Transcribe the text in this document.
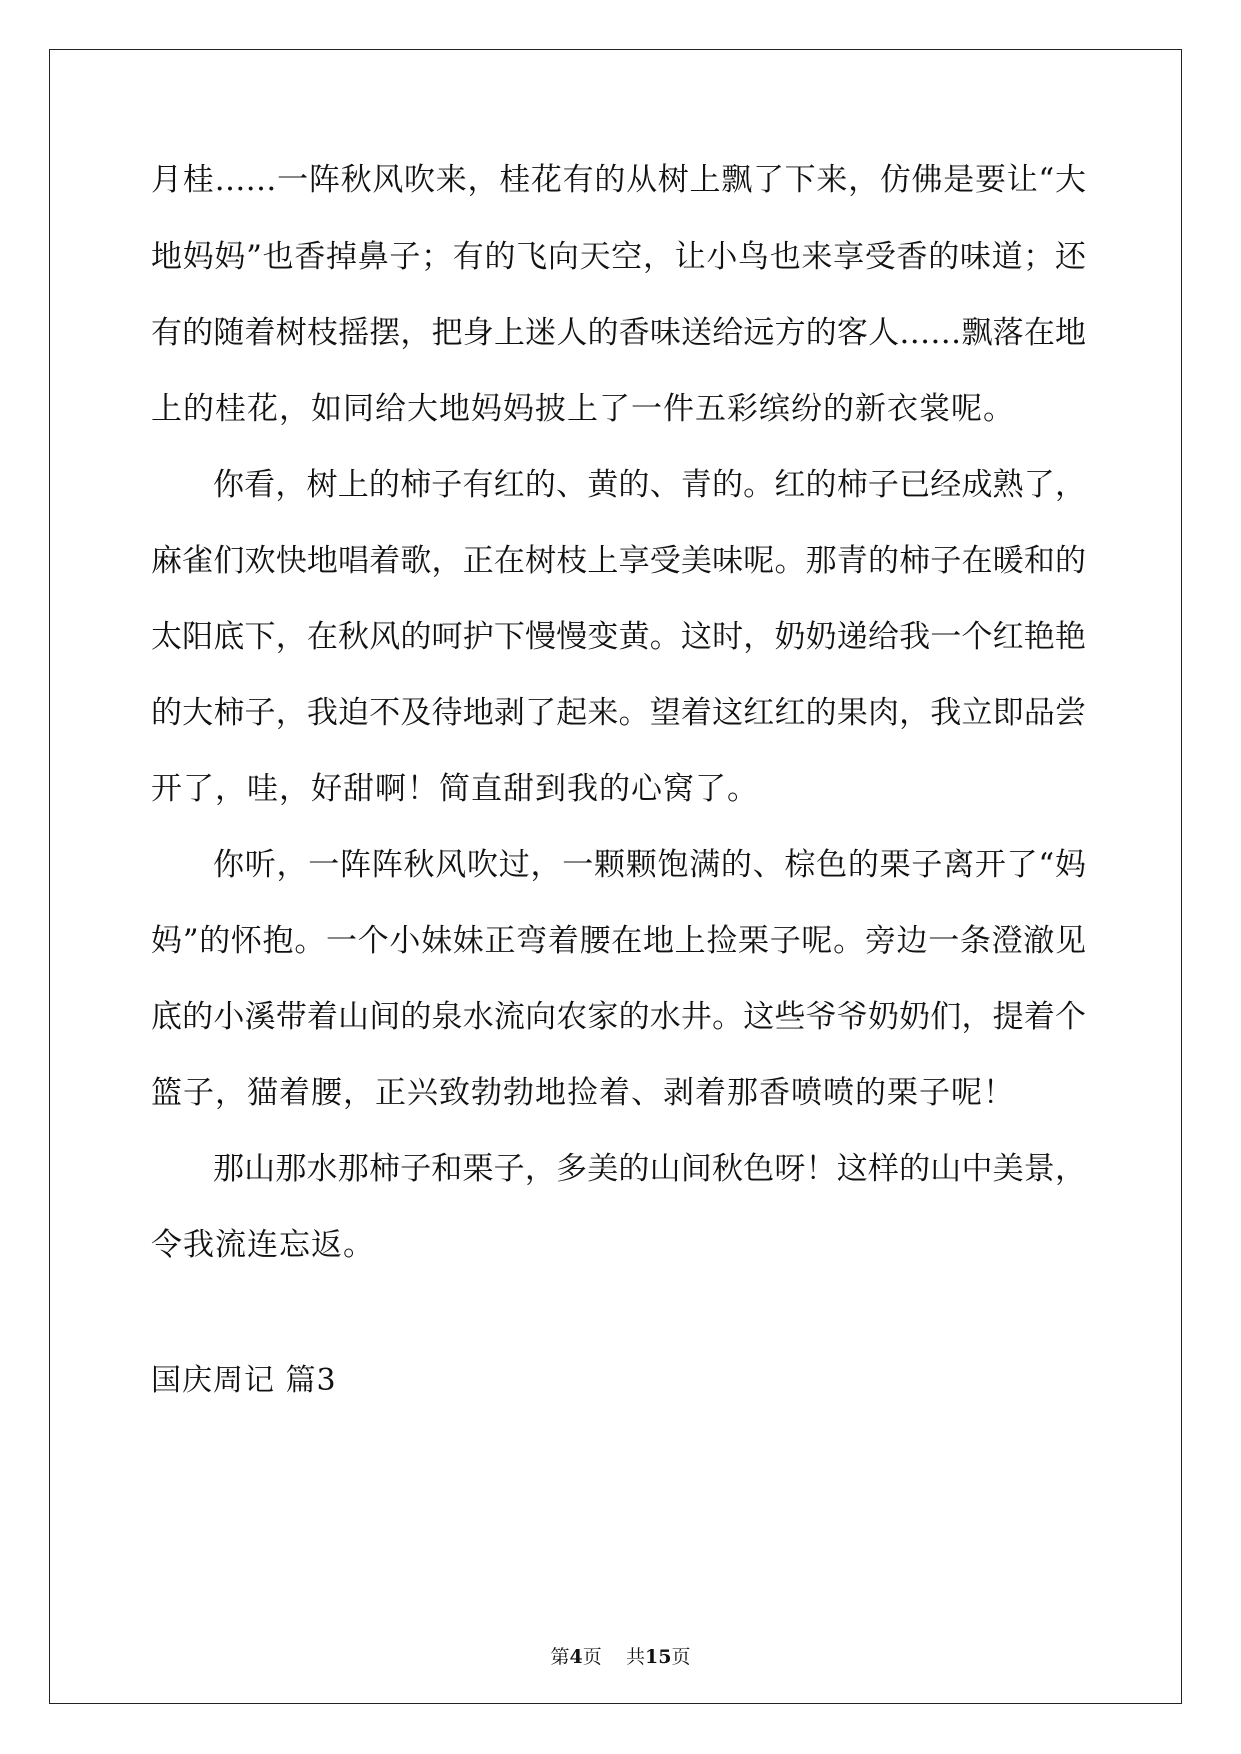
月桂……一阵秋风吹来，桂花有的从树上飘了下来，仿佛是要让“大
地妈妈”也香掉鼻子；有的飞向天空，让小鸟也来享受香的味道；还
有的随着树枝摇摆，把身上迷人的香味送给远方的客人……飘落在地
上的桂花，如同给大地妈妈披上了一件五彩缤纷的新衣裳呢。
你看，树上的柿子有红的、黄的、青的。红的柿子已经成熟了，
麻雀们欢快地唱着歌，正在树枝上享受美味呢。那青的柿子在暖和的
太阳底下，在秋风的呵护下慢慢变黄。这时，奶奶递给我一个红艳艳
的大柿子，我迫不及待地剥了起来。望着这红红的果肉，我立即品尝
开了，哇，好甜啊！简直甜到我的心窝了。
你听，一阵阵秋风吹过，一颗颗饱满的、棕色的栗子离开了“妈
妈”的怀抱。一个小妹妹正弯着腰在地上捡栗子呢。旁边一条澄澈见
底的小溪带着山间的泉水流向农家的水井。这些爷爷奶奶们，提着个
篮子，猫着腰，正兴致勃勃地捡着、剥着那香喷喷的栗子呢！
那山那水那柿子和栗子，多美的山间秋色呀！这样的山中美景，
令我流连忘返。
国庆周记 篇3
第4页 共15页
